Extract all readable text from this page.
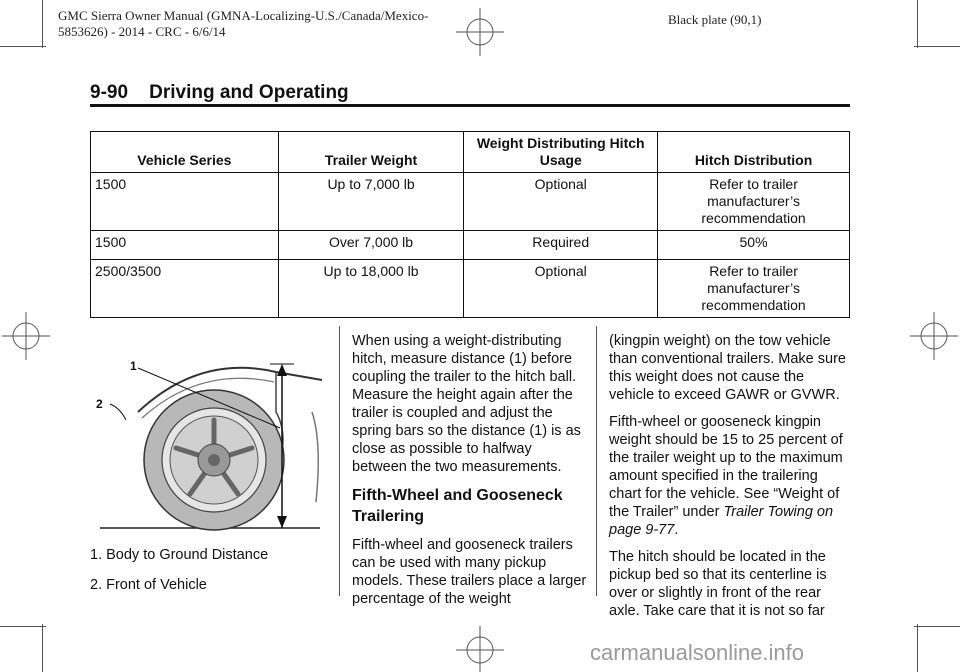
GMC Sierra Owner Manual (GMNA-Localizing-U.S./Canada/Mexico-
5853626) - 2014 - CRC - 6/6/14
Black plate (90,1)
9-90    Driving and Operating
Vehicle Series	Trailer Weight	Weight Distributing Hitch Usage	Hitch Distribution
1500	Up to 7,000 lb	Optional	Refer to trailer manufacturer’s recommendation
1500	Over 7,000 lb	Required	50%
2500/3500	Up to 18,000 lb	Optional	Refer to trailer manufacturer’s recommendation
1
2

1. Body to Ground Distance

2. Front of Vehicle

When using a weight-distributing hitch, measure distance (1) before coupling the trailer to the hitch ball. Measure the height again after the trailer is coupled and adjust the spring bars so the distance (1) is as close as possible to halfway between the two measurements.

Fifth-Wheel and Gooseneck Trailering

Fifth-wheel and gooseneck trailers can be used with many pickup models. These trailers place a larger percentage of the weight

(kingpin weight) on the tow vehicle than conventional trailers. Make sure this weight does not cause the vehicle to exceed GAWR or GVWR.

Fifth-wheel or gooseneck kingpin weight should be 15 to 25 percent of the trailer weight up to the maximum amount specified in the trailering chart for the vehicle. See “Weight of the Trailer” under Trailer Towing on page 9-77.

The hitch should be located in the pickup bed so that its centerline is over or slightly in front of the rear axle. Take care that it is not so far

carmanualsonline.info
